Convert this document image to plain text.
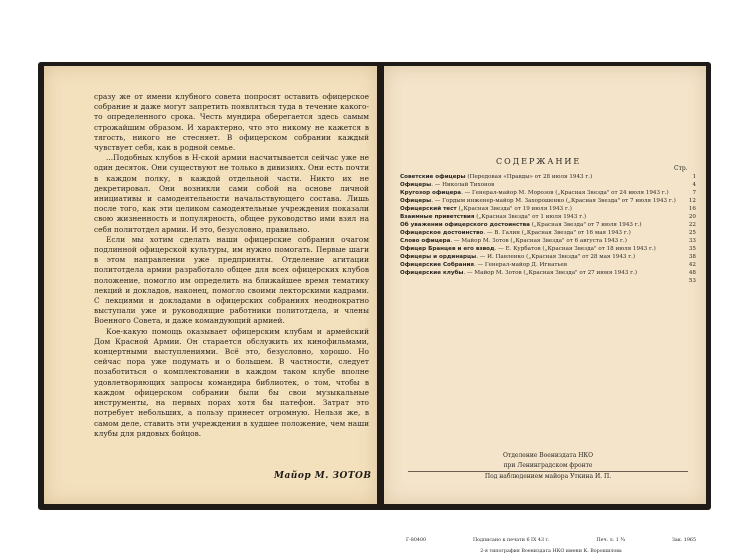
сразу же от имени клубного совета попросят оставить офицерское собрание и даже могут запретить появляться туда в течение какого-то определенного срока. Честь мундира оберегается здесь самым строжайшим образом. И характерно, что это никому не кажется в тягость, никого не стесняет. В офицерском собрании каждый чувствует себя, как в родной семье.

...Подобных клубов в Н-ской армии насчитывается сейчас уже не один десяток. Они существуют не только в дивизиях. Они есть почти в каждом полку, в каждой отдельной части. Никто их не декретировал. Они возникли сами собой на основе личной инициативы и самодеятельности начальствующего состава. Лишь после того, как эти целиком самодеятельные учреждения показали свою жизненность и популярность, общее руководство ими взял на себя политотдел армии. И это, безусловно, правильно.

Если мы хотим сделать наши офицерские собрания очагом подлинной офицерской культуры, им нужно помогать. Первые шаги в этом направлении уже предприняты. Отделение агитации политотдела армии разработало общее для всех офицерских клубов положение, помогло им определить на ближайшее время тематику лекций и докладов, наконец, помогло своими лекторскими кадрами. С лекциями и докладами в офицерских собраниях неоднократно выступали уже и руководящие работники политотдела, и члены Военного Совета, и даже командующий армией.

Кое-какую помощь оказывает офицерским клубам и армейский Дом Красной Армии. Он старается обслужить их кинофильмами, концертными выступлениями. Всё это, безусловно, хорошо. Но сейчас пора уже подумать и о большем. В частности, следует позаботиться о комплектовании в каждом таком клубе вполне удовлетворяющих запросы командира библиотек, о том, чтобы в каждом офицерском собрании были бы свои музыкальные инструменты, на первых порах хотя бы патефон. Затрат это потребует небольших, а пользу принесет огромную. Нельзя же, в самом деле, ставить эти учреждения в худшее положение, чем наши клубы для рядовых бойцов.

Майор М. ЗОТОВ
СОДЕРЖАНИЕ
Стр.
Советские офицеры (Передовая «Правды» от 28 июля 1943 г.)	1
Офицеры. — Николай Тихонов	4
Кругозор офицера. — Генерал-майор М. Морозов („Красная Звезда" от 24 июля 1943 г.)	7
Офицеры. — Гордым инженер-майор М. Захорошенко („Красная Звезда" от 7 июля 1943 г.)	12
Офицерский тест („Красная Звезда" от 19 июля 1943 г.)	16
Взаимные приветствия („Красная Звезда" от 1 июля 1943 г.)	20
Об уважении офицерского достоинства („Красная Звезда" от 7 июля 1943 г.)	22
Офицерское достоинство. — В. Галин („Красная Звезда" от 16 мая 1943 г.)	25
Слово офицера. — Майор М. Зотов („Красная Звезда" от 6 августа 1943 г.)	33
Офицер Бранцев и его взвод. — Е. Курбатов („Красная Звезда" от 18 июля 1943 г.)	35
Офицеры и ординарцы. — И. Павленко („Красная Звезда" от 28 мая 1943 г.)	38
Офицерские Собрания. — Генерал-майор Д. Игнатьев	42
Офицерские клубы. — Майор М. Зотов („Красная Звезда" от 27 июня 1943 г.)	48
53
Отделение Воениздата НКО
при Ленинградском фронте
Под наблюдением майора Уткина И. П.
Г-80400	Подписано к печати 6 IX 43 г.	Печ. л. 1 ¾	Зак. 1965
2-я типография Воениздата НКО имени К. Ворошилова
